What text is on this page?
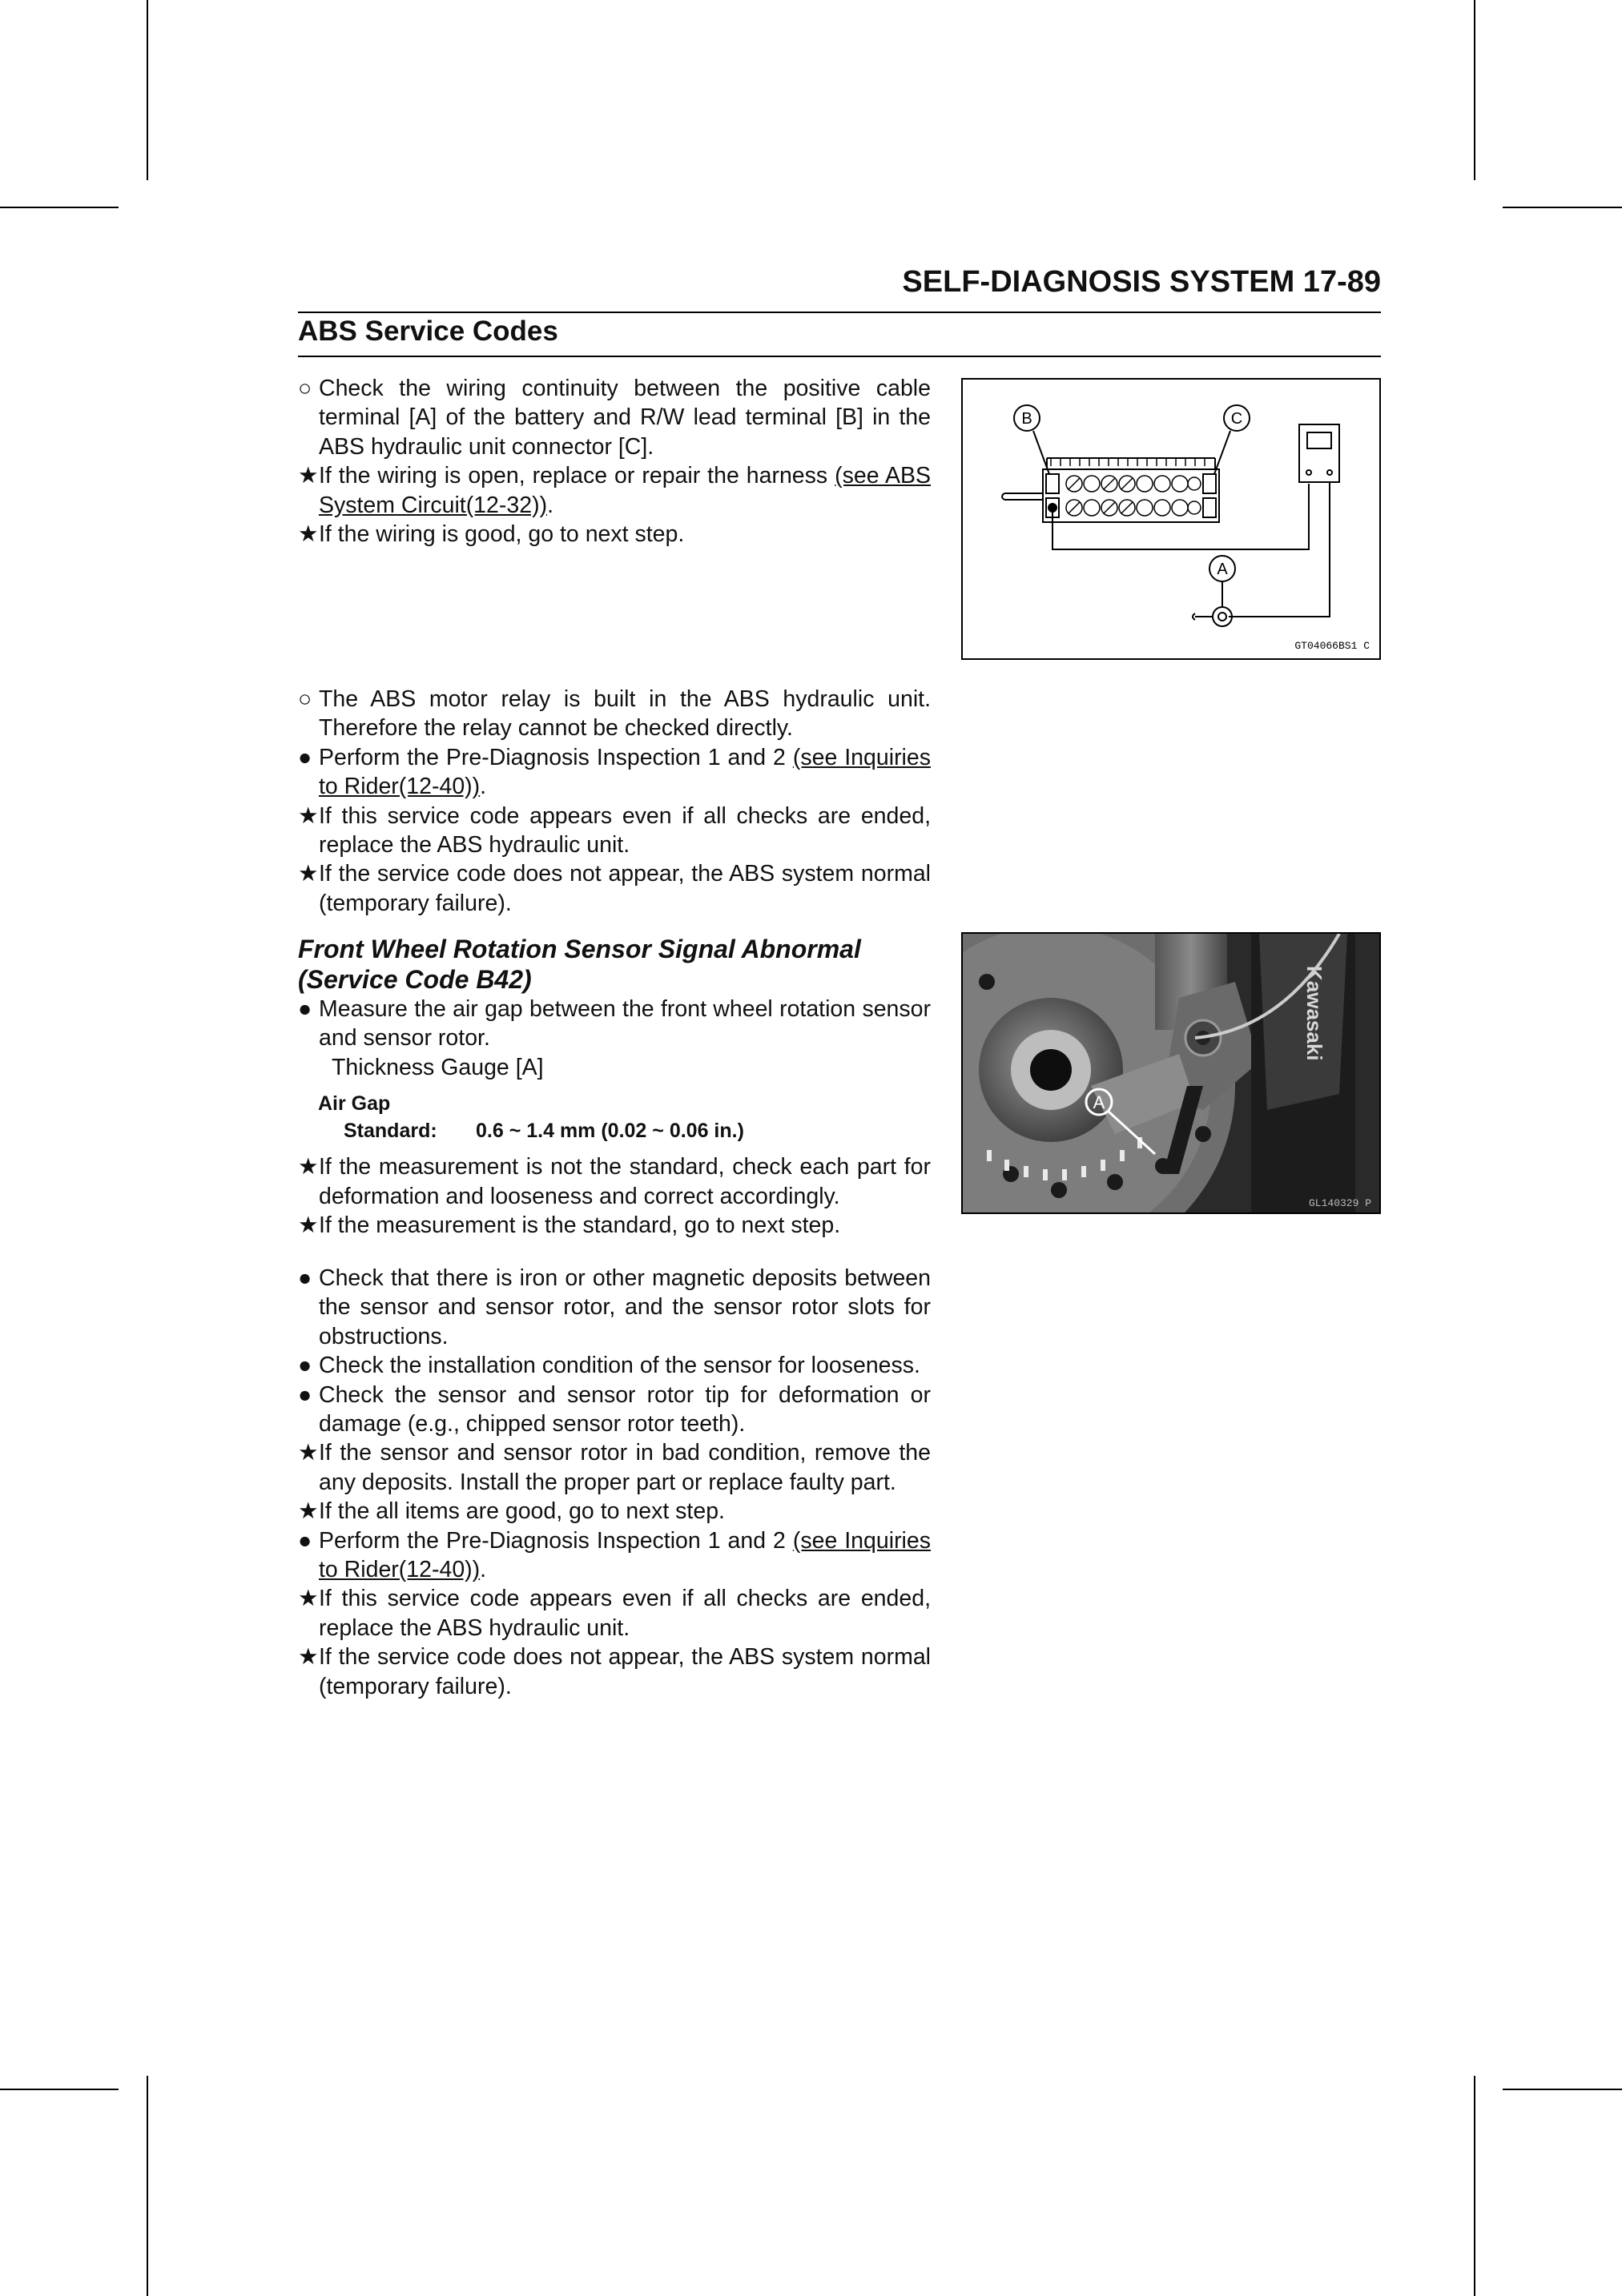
SELF-DIAGNOSIS SYSTEM 17-89
ABS Service Codes
○ Check the wiring continuity between the positive cable terminal [A] of the battery and R/W lead terminal [B] in the ABS hydraulic unit connector [C].
★ If the wiring is open, replace or repair the harness (see ABS System Circuit(12-32)).
★ If the wiring is good, go to next step.
B	C
A
GT04066BS1 C
○ The ABS motor relay is built in the ABS hydraulic unit. Therefore the relay cannot be checked directly.
● Perform the Pre-Diagnosis Inspection 1 and 2 (see Inquiries to Rider(12-40)).
★ If this service code appears even if all checks are ended, replace the ABS hydraulic unit.
★ If the service code does not appear, the ABS system normal (temporary failure).
Front Wheel Rotation Sensor Signal Abnormal
(Service Code B42)
● Measure the air gap between the front wheel rotation sensor and sensor rotor.
Thickness Gauge [A]
Air Gap
Standard: 0.6 ~ 1.4 mm (0.02 ~ 0.06 in.)
★ If the measurement is not the standard, check each part for deformation and looseness and correct accordingly.
★ If the measurement is the standard, go to next step.
Kawasaki
A
GL140329 P
● Check that there is iron or other magnetic deposits between the sensor and sensor rotor, and the sensor rotor slots for obstructions.
● Check the installation condition of the sensor for looseness.
● Check the sensor and sensor rotor tip for deformation or damage (e.g., chipped sensor rotor teeth).
★ If the sensor and sensor rotor in bad condition, remove the any deposits. Install the proper part or replace faulty part.
★ If the all items are good, go to next step.
● Perform the Pre-Diagnosis Inspection 1 and 2 (see Inquiries to Rider(12-40)).
★ If this service code appears even if all checks are ended, replace the ABS hydraulic unit.
★ If the service code does not appear, the ABS system normal (temporary failure).
